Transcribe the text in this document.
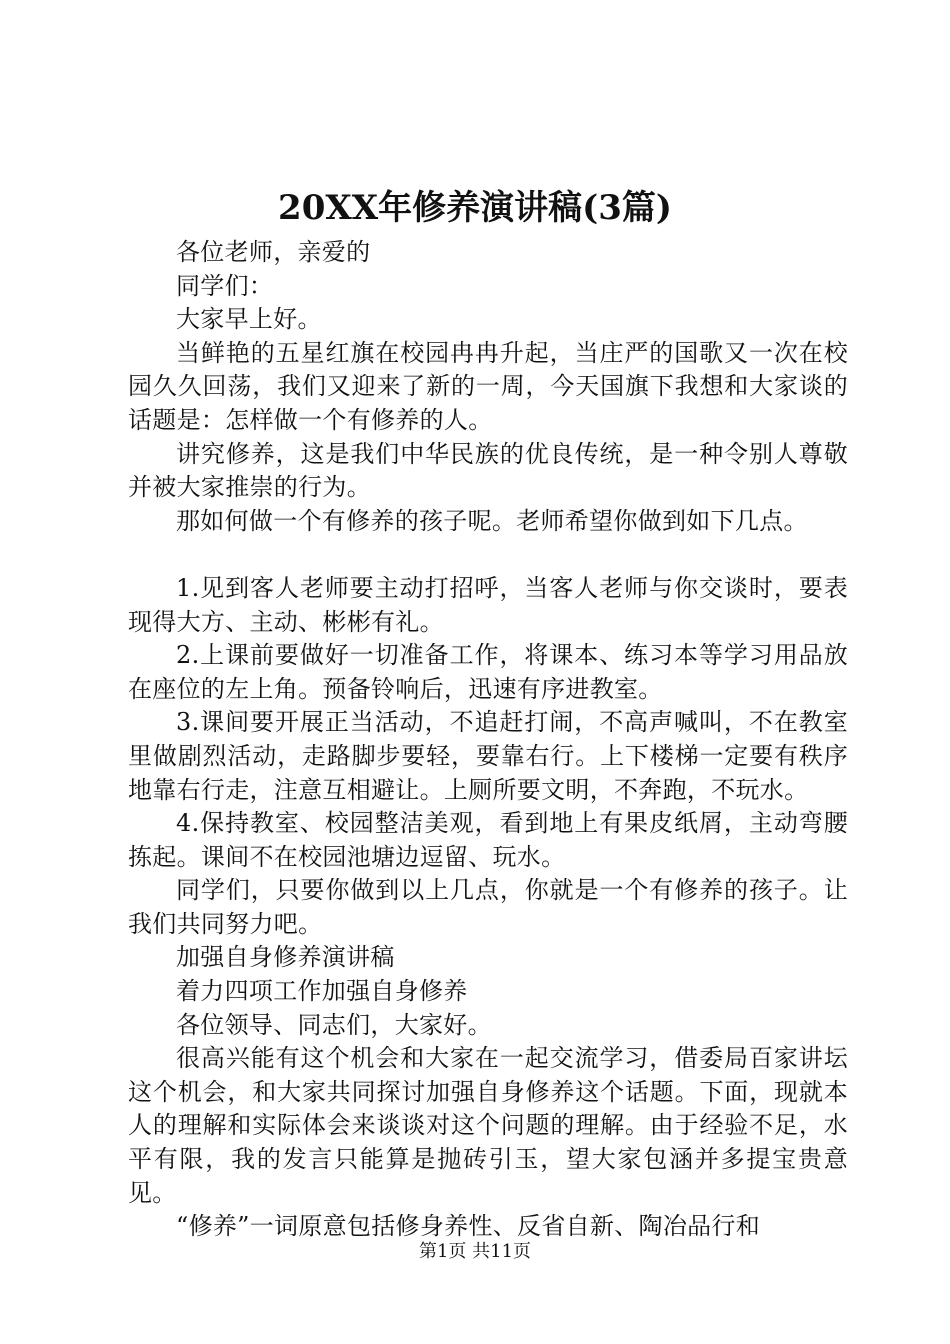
20XX年修养演讲稿(3篇)

各位老师，亲爱的

同学们：

大家早上好。

当鲜艳的五星红旗在校园冉冉升起，当庄严的国歌又一次在校园久久回荡，我们又迎来了新的一周，今天国旗下我想和大家谈的话题是：怎样做一个有修养的人。

讲究修养，这是我们中华民族的优良传统，是一种令别人尊敬并被大家推崇的行为。

那如何做一个有修养的孩子呢。老师希望你做到如下几点。

1.见到客人老师要主动打招呼，当客人老师与你交谈时，要表现得大方、主动、彬彬有礼。

2.上课前要做好一切准备工作，将课本、练习本等学习用品放在座位的左上角。预备铃响后，迅速有序进教室。

3.课间要开展正当活动，不追赶打闹，不高声喊叫，不在教室里做剧烈活动，走路脚步要轻，要靠右行。上下楼梯一定要有秩序地靠右行走，注意互相避让。上厕所要文明，不奔跑，不玩水。

4.保持教室、校园整洁美观，看到地上有果皮纸屑，主动弯腰拣起。课间不在校园池塘边逗留、玩水。

同学们，只要你做到以上几点，你就是一个有修养的孩子。让我们共同努力吧。

加强自身修养演讲稿

着力四项工作加强自身修养

各位领导、同志们，大家好。

很高兴能有这个机会和大家在一起交流学习，借委局百家讲坛这个机会，和大家共同探讨加强自身修养这个话题。下面，现就本人的理解和实际体会来谈谈对这个问题的理解。由于经验不足，水平有限，我的发言只能算是抛砖引玉，望大家包涵并多提宝贵意见。

“修养”一词原意包括修身养性、反省自新、陶冶品行和

第1页 共11页
